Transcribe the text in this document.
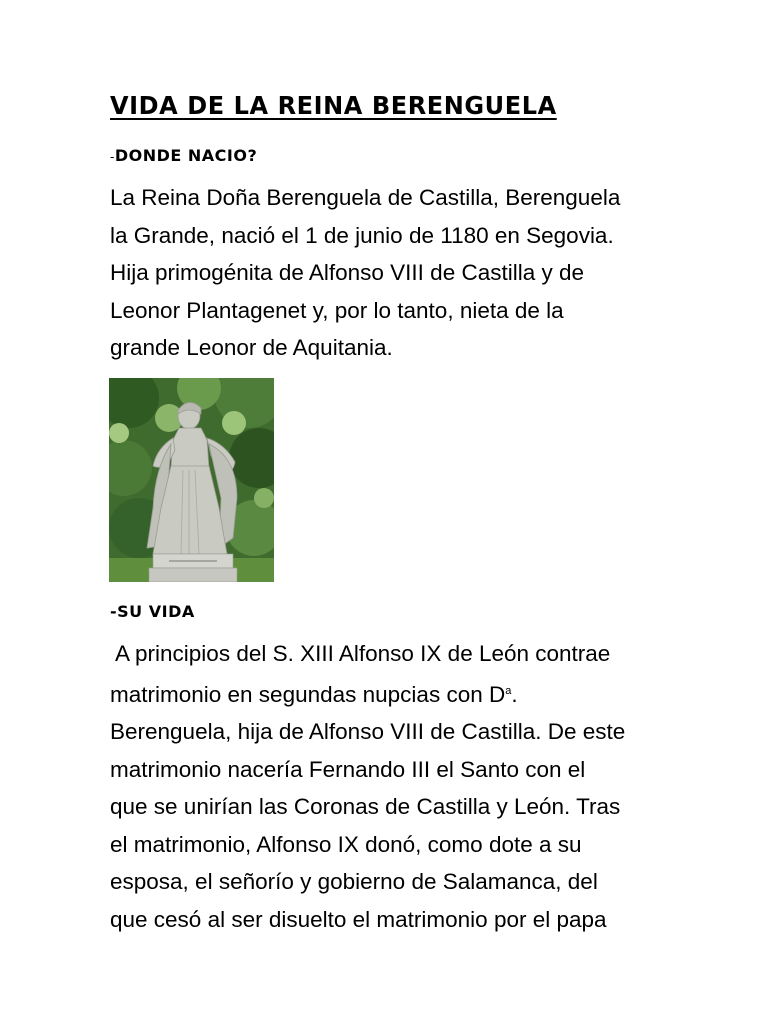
VIDA DE LA REINA BERENGUELA
-DONDE NACIO?

La Reina Doña Berenguela de Castilla, Berenguela
la Grande, nació el 1 de junio de 1180 en Segovia.
Hija primogénita de Alfonso VIII de Castilla y de
Leonor Plantagenet y, por lo tanto, nieta de la
grande Leonor de Aquitania.

-SU VIDA

A principios del S. XIII Alfonso IX de León contrae
matrimonio en segundas nupcias con $D^a$.
Berenguela, hija de Alfonso VIII de Castilla. De este
matrimonio nacería Fernando III el Santo con el
que se unirían las Coronas de Castilla y León. Tras
el matrimonio, Alfonso IX donó, como dote a su
esposa, el señorío y gobierno de Salamanca, del
que cesó al ser disuelto el matrimonio por el papa
